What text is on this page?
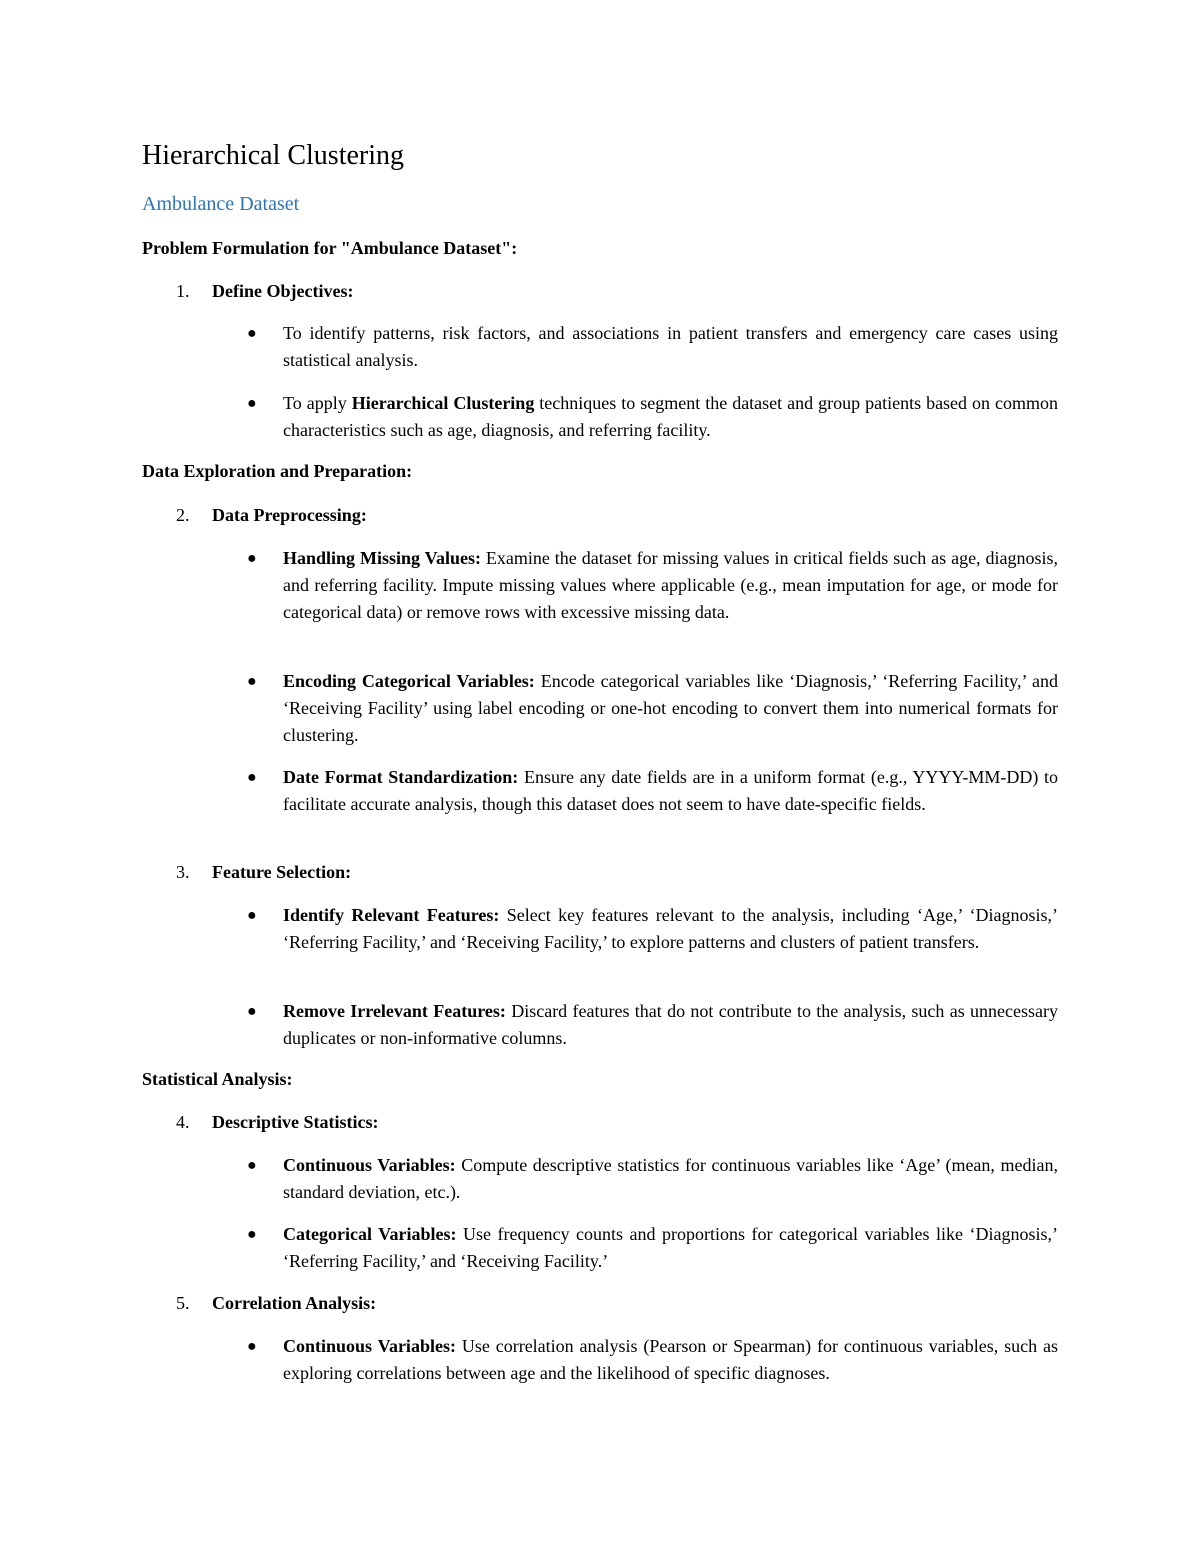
Hierarchical Clustering
Ambulance Dataset
Problem Formulation for "Ambulance Dataset":
1. Define Objectives:
● To identify patterns, risk factors, and associations in patient transfers and emergency care cases using statistical analysis.
● To apply Hierarchical Clustering techniques to segment the dataset and group patients based on common characteristics such as age, diagnosis, and referring facility.
Data Exploration and Preparation:
2. Data Preprocessing:
● Handling Missing Values: Examine the dataset for missing values in critical fields such as age, diagnosis, and referring facility. Impute missing values where applicable (e.g., mean imputation for age, or mode for categorical data) or remove rows with excessive missing data.
● Encoding Categorical Variables: Encode categorical variables like ‘Diagnosis,’ ‘Referring Facility,’ and ‘Receiving Facility’ using label encoding or one-hot encoding to convert them into numerical formats for clustering.
● Date Format Standardization: Ensure any date fields are in a uniform format (e.g., YYYY-MM-DD) to facilitate accurate analysis, though this dataset does not seem to have date-specific fields.
3. Feature Selection:
● Identify Relevant Features: Select key features relevant to the analysis, including ‘Age,’ ‘Diagnosis,’ ‘Referring Facility,’ and ‘Receiving Facility,’ to explore patterns and clusters of patient transfers.
● Remove Irrelevant Features: Discard features that do not contribute to the analysis, such as unnecessary duplicates or non-informative columns.
Statistical Analysis:
4. Descriptive Statistics:
● Continuous Variables: Compute descriptive statistics for continuous variables like ‘Age’ (mean, median, standard deviation, etc.).
● Categorical Variables: Use frequency counts and proportions for categorical variables like ‘Diagnosis,’ ‘Referring Facility,’ and ‘Receiving Facility.’
5. Correlation Analysis:
● Continuous Variables: Use correlation analysis (Pearson or Spearman) for continuous variables, such as exploring correlations between age and the likelihood of specific diagnoses.
